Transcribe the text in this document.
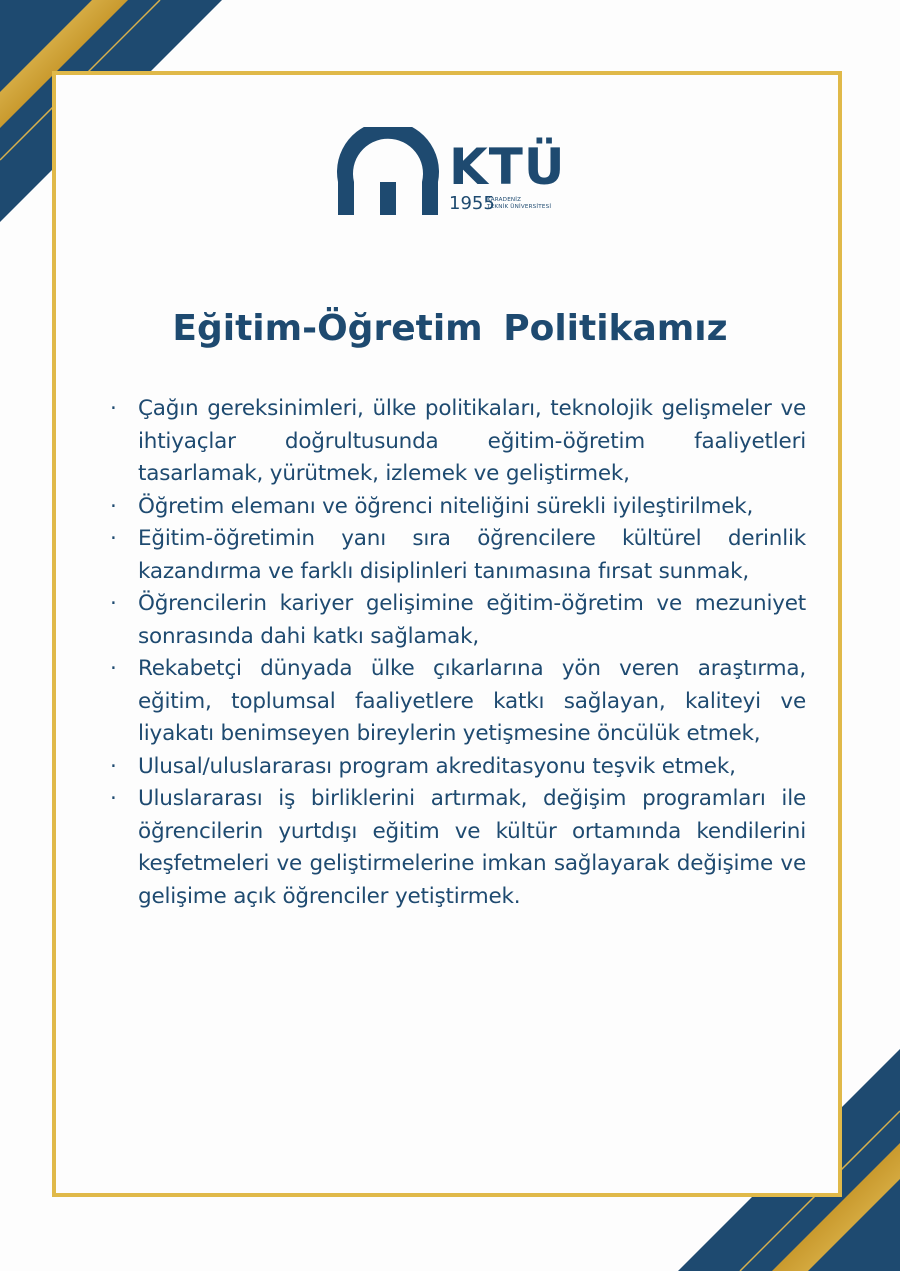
KTÜ
1955
KARADENİZ
TEKNİK ÜNİVERSİTESİ
Eğitim-Öğretim Politikamız
· Çağın gereksinimleri, ülke politikaları, teknolojik gelişmeler ve ihtiyaçlar doğrultusunda eğitim-öğretim faaliyetleri tasarlamak, yürütmek, izlemek ve geliştirmek,
· Öğretim elemanı ve öğrenci niteliğini sürekli iyileştirilmek,
· Eğitim-öğretimin yanı sıra öğrencilere kültürel derinlik kazandırma ve farklı disiplinleri tanımasına fırsat sunmak,
· Öğrencilerin kariyer gelişimine eğitim-öğretim ve mezuniyet sonrasında dahi katkı sağlamak,
· Rekabetçi dünyada ülke çıkarlarına yön veren araştırma, eğitim, toplumsal faaliyetlere katkı sağlayan, kaliteyi ve liyakatı benimseyen bireylerin yetişmesine öncülük etmek,
· Ulusal/uluslararası program akreditasyonu teşvik etmek,
· Uluslararası iş birliklerini artırmak, değişim programları ile öğrencilerin yurtdışı eğitim ve kültür ortamında kendilerini keşfetmeleri ve geliştirmelerine imkan sağlayarak değişime ve gelişime açık öğrenciler yetiştirmek.
